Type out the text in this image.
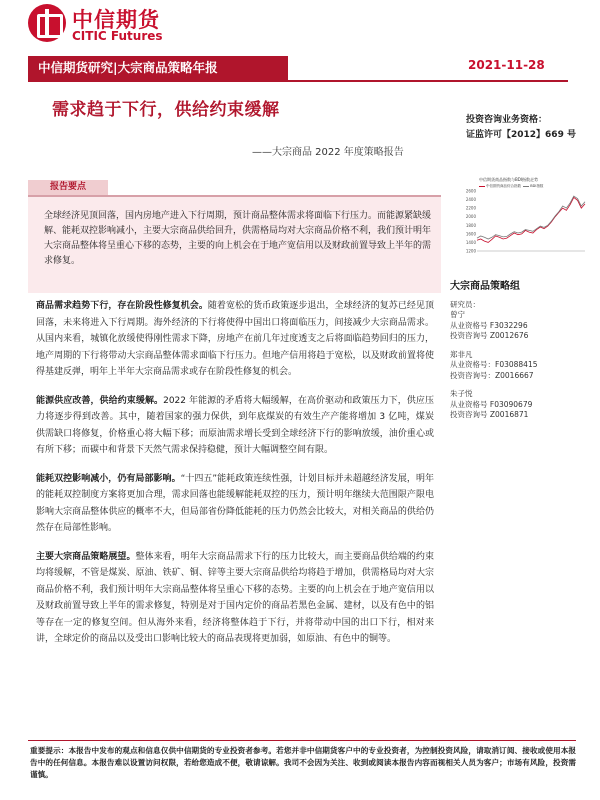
中信期货
CITIC Futures
中信期货研究|大宗商品策略年报	2021-11-28
需求趋于下行，供给约束缓解
——大宗商品 2022 年度策略报告
投资咨询业务资格：
证监许可【2012】669 号
报告要点

全球经济见顶回落，国内房地产进入下行周期，预计商品整体需求将面临下行压力。而能源紧缺缓解、能耗双控影响减小，主要大宗商品供给回升，供需格局均对大宗商品价格不利，我们预计明年大宗商品整体将呈重心下移的态势，主要的向上机会在于地产宽信用以及财政前置导致上半年的需求修复。

商品需求趋势下行，存在阶段性修复机会。随着宽松的货币政策逐步退出，全球经济的复苏已经见顶回落，未来将进入下行周期。海外经济的下行将使得中国出口将面临压力，间接减少大宗商品需求。从国内来看，城镇化放缓使得刚性需求下降，房地产在前几年过度透支之后将面临趋势回归的压力，地产周期的下行将带动大宗商品整体需求面临下行压力。但地产信用将趋于宽松，以及财政前置将使得基建反弹，明年上半年大宗商品需求或存在阶段性修复的机会。

能源供应改善，供给约束缓解。2022 年能源的矛盾将大幅缓解，在高价驱动和政策压力下，供应压力将逐步得到改善。其中，随着国家的强力保供，到年底煤炭的有效生产产能将增加 3 亿吨，煤炭供需缺口将修复，价格重心将大幅下移；而原油需求增长受到全球经济下行的影响放缓，油价重心或有所下移；而碳中和背景下天然气需求保持稳健，预计大幅调整空间有限。

能耗双控影响减小，仍有局部影响。“十四五”能耗政策连续性强，计划目标并未超越经济发展，明年的能耗双控制度方案将更加合理，需求回落也能缓解能耗双控的压力，预计明年继续大范围限产限电影响大宗商品整体供应的概率不大，但局部省份降低能耗的压力仍然会比较大，对相关商品的供给仍然存在局部性影响。

主要大宗商品策略展望。整体来看，明年大宗商品需求下行的压力比较大，而主要商品供给端的约束均将缓解，不管是煤炭、原油、铁矿、铜、锌等主要大宗商品供给均将趋于增加，供需格局均对大宗商品价格不利，我们预计明年大宗商品整体将呈重心下移的态势。主要的向上机会在于地产宽信用以及财政前置导致上半年的需求修复，特别是对于国内定价的商品若黑色金属、建材，以及有色中的铝等存在一定的修复空间。但从海外来看，经济将整体趋于下行，并将带动中国的出口下行，相对来讲，全球定价的商品以及受出口影响比较大的商品表现将更加弱，如原油、有色中的铜等。

2600
2400
2200
2000
1800
1600
1400
1200
中信期货商品指数与BDI指数走势
中信期货商品综合指数	BDI指数
大宗商品策略组
研究员：
曾宁
从业资格号 F3032296
投资咨询号 Z0012676
郑非凡
从业资格号：F03088415
投资咨询号：Z0016667
朱子悦
从业资格号 F03090679
投资咨询号 Z0016871
重要提示：本报告中发布的观点和信息仅供中信期货的专业投资者参考。若您并非中信期货客户中的专业投资者，为控制投资风险，请取消订阅、接收或使用本报告中的任何信息。本报告难以设置访问权限，若给您造成不便，敬请谅解。我司不会因为关注、收到或阅读本报告内容而视相关人员为客户；市场有风险，投资需谨慎。
